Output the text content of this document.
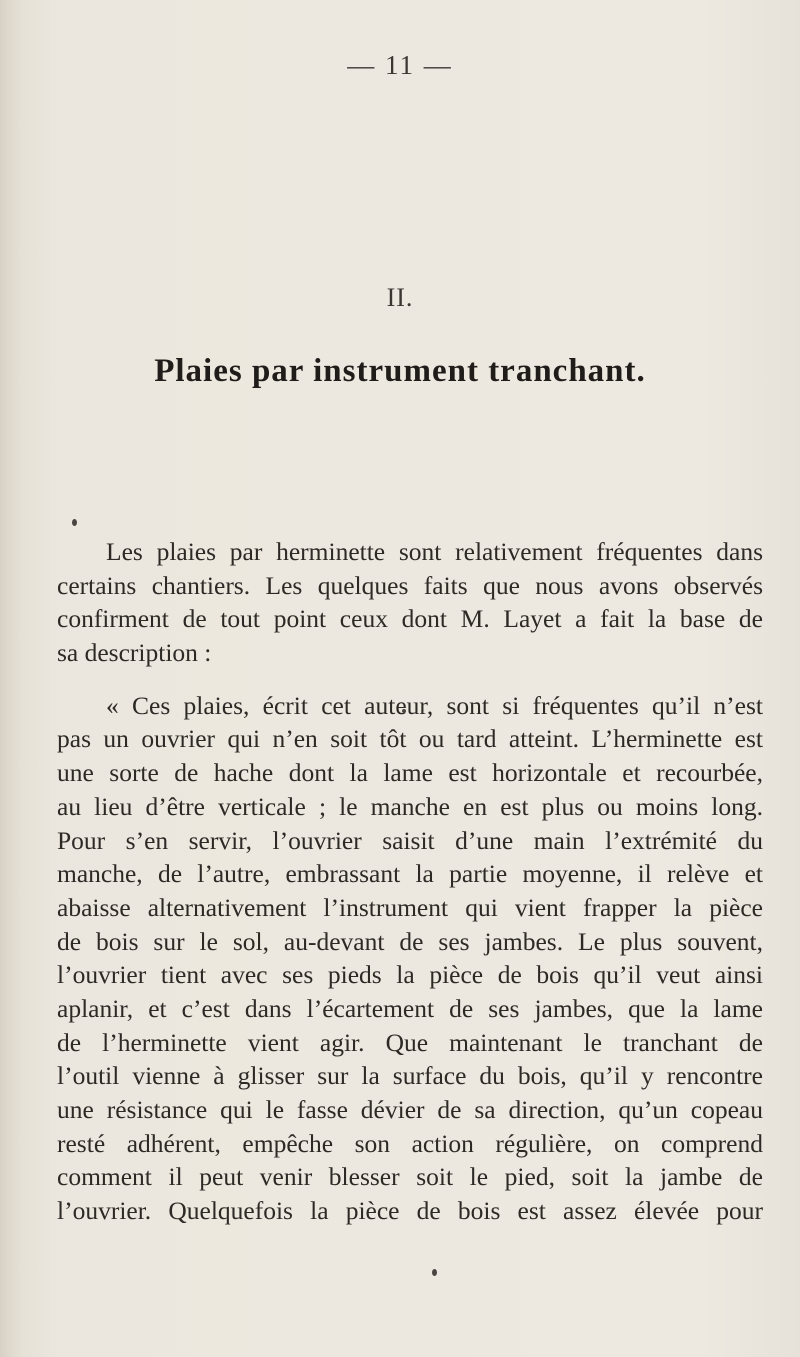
— 11 —
II.
Plaies par instrument tranchant.
Les plaies par herminette sont relativement fréquentes dans
certains chantiers. Les quelques faits que nous avons observés
confirment de tout point ceux dont M. Layet a fait la base de
sa description :
« Ces plaies, écrit cet auteur, sont si fréquentes qu’il n’est
pas un ouvrier qui n’en soit tôt ou tard atteint. L’herminette est
une sorte de hache dont la lame est horizontale et recourbée,
au lieu d’être verticale ; le manche en est plus ou moins long.
Pour s’en servir, l’ouvrier saisit d’une main l’extrémité du
manche, de l’autre, embrassant la partie moyenne, il relève et
abaisse alternativement l’instrument qui vient frapper la pièce
de bois sur le sol, au-devant de ses jambes. Le plus souvent,
l’ouvrier tient avec ses pieds la pièce de bois qu’il veut ainsi
aplanir, et c’est dans l’écartement de ses jambes, que la lame
de l’herminette vient agir. Que maintenant le tranchant de
l’outil vienne à glisser sur la surface du bois, qu’il y rencontre
une résistance qui le fasse dévier de sa direction, qu’un copeau
resté adhérent, empêche son action régulière, on comprend
comment il peut venir blesser soit le pied, soit la jambe de
l’ouvrier. Quelquefois la pièce de bois est assez élevée pour
